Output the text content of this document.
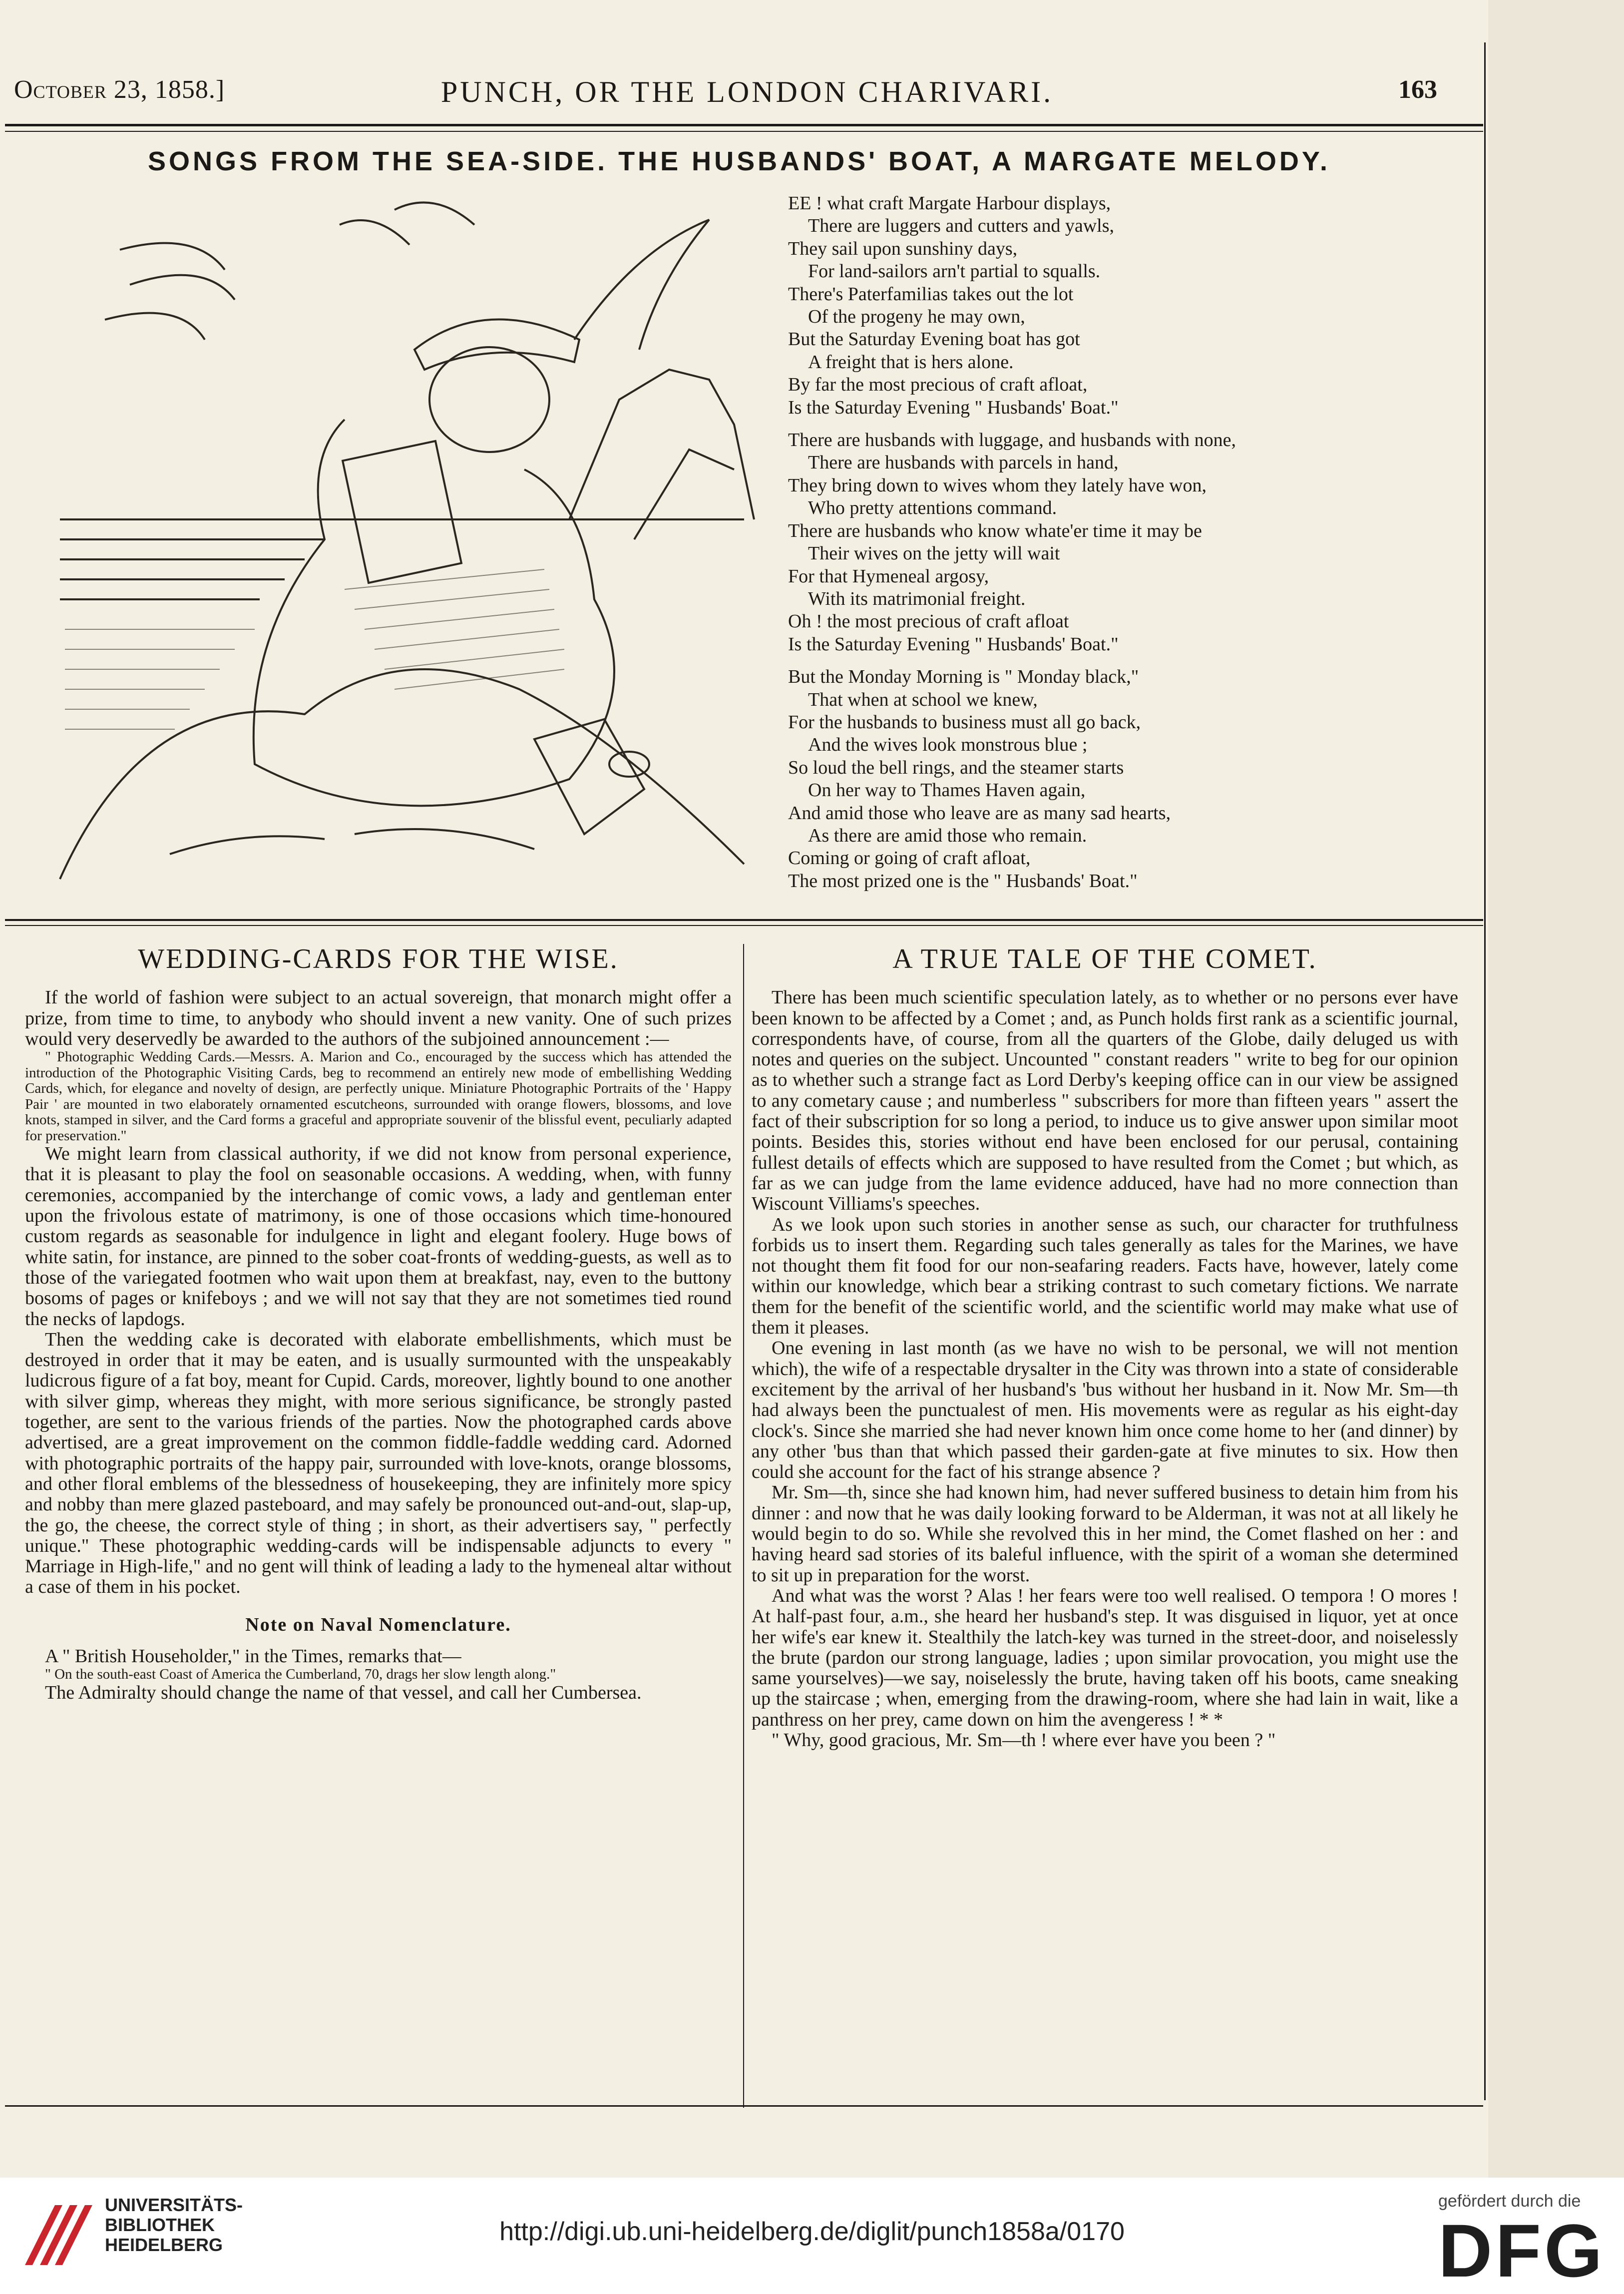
October 23, 1858.]	PUNCH, OR THE LONDON CHARIVARI.	163
SONGS FROM THE SEA-SIDE. THE HUSBANDS' BOAT, A MARGATE MELODY.
EE ! what craft Margate Harbour displays,
There are luggers and cutters and yawls,
They sail upon sunshiny days,
For land-sailors arn't partial to squalls.
There's Paterfamilias takes out the lot
Of the progeny he may own,
But the Saturday Evening boat has got
A freight that is hers alone.
By far the most precious of craft afloat,
Is the Saturday Evening " Husbands' Boat."
There are husbands with luggage, and husbands with none,
There are husbands with parcels in hand,
They bring down to wives whom they lately have won,
Who pretty attentions command.
There are husbands who know whate'er time it may be
Their wives on the jetty will wait
For that Hymeneal argosy,
With its matrimonial freight.
Oh ! the most precious of craft afloat
Is the Saturday Evening " Husbands' Boat."
But the Monday Morning is " Monday black,"
That when at school we knew,
For the husbands to business must all go back,
And the wives look monstrous blue ;
So loud the bell rings, and the steamer starts
On her way to Thames Haven again,
And amid those who leave are as many sad hearts,
As there are amid those who remain.
Coming or going of craft afloat,
The most prized one is the " Husbands' Boat."
WEDDING-CARDS FOR THE WISE.

If the world of fashion were subject to an actual sovereign, that monarch might offer a prize, from time to time, to anybody who should invent a new vanity. One of such prizes would very deservedly be awarded to the authors of the subjoined announcement :—

" Photographic Wedding Cards.—Messrs. A. Marion and Co., encouraged by the success which has attended the introduction of the Photographic Visiting Cards, beg to recommend an entirely new mode of embellishing Wedding Cards, which, for elegance and novelty of design, are perfectly unique. Miniature Photographic Portraits of the ' Happy Pair ' are mounted in two elaborately ornamented escutcheons, surrounded with orange flowers, blossoms, and love knots, stamped in silver, and the Card forms a graceful and appropriate souvenir of the blissful event, peculiarly adapted for preservation."

We might learn from classical authority, if we did not know from personal experience, that it is pleasant to play the fool on seasonable occasions. A wedding, when, with funny ceremonies, accompanied by the interchange of comic vows, a lady and gentleman enter upon the frivolous estate of matrimony, is one of those occasions which time-honoured custom regards as seasonable for indulgence in light and elegant foolery. Huge bows of white satin, for instance, are pinned to the sober coat-fronts of wedding-guests, as well as to those of the variegated footmen who wait upon them at breakfast, nay, even to the buttony bosoms of pages or knifeboys ; and we will not say that they are not sometimes tied round the necks of lapdogs.

Then the wedding cake is decorated with elaborate embellishments, which must be destroyed in order that it may be eaten, and is usually surmounted with the unspeakably ludicrous figure of a fat boy, meant for Cupid. Cards, moreover, lightly bound to one another with silver gimp, whereas they might, with more serious significance, be strongly pasted together, are sent to the various friends of the parties. Now the photographed cards above advertised, are a great improvement on the common fiddle-faddle wedding card. Adorned with photographic portraits of the happy pair, surrounded with love-knots, orange blossoms, and other floral emblems of the blessedness of housekeeping, they are infinitely more spicy and nobby than mere glazed pasteboard, and may safely be pronounced out-and-out, slap-up, the go, the cheese, the correct style of thing ; in short, as their advertisers say, " perfectly unique." These photographic wedding-cards will be indispensable adjuncts to every " Marriage in High-life," and no gent will think of leading a lady to the hymeneal altar without a case of them in his pocket.

Note on Naval Nomenclature.

A " British Householder," in the Times, remarks that—

" On the south-east Coast of America the Cumberland, 70, drags her slow length along."

The Admiralty should change the name of that vessel, and call her Cumbersea.

A TRUE TALE OF THE COMET.

There has been much scientific speculation lately, as to whether or no persons ever have been known to be affected by a Comet ; and, as Punch holds first rank as a scientific journal, correspondents have, of course, from all the quarters of the Globe, daily deluged us with notes and queries on the subject. Uncounted " constant readers " write to beg for our opinion as to whether such a strange fact as Lord Derby's keeping office can in our view be assigned to any cometary cause ; and numberless " subscribers for more than fifteen years " assert the fact of their subscription for so long a period, to induce us to give answer upon similar moot points. Besides this, stories without end have been enclosed for our perusal, containing fullest details of effects which are supposed to have resulted from the Comet ; but which, as far as we can judge from the lame evidence adduced, have had no more connection than Wiscount Villiams's speeches.

As we look upon such stories in another sense as such, our character for truthfulness forbids us to insert them. Regarding such tales generally as tales for the Marines, we have not thought them fit food for our non-seafaring readers. Facts have, however, lately come within our knowledge, which bear a striking contrast to such cometary fictions. We narrate them for the benefit of the scientific world, and the scientific world may make what use of them it pleases.

One evening in last month (as we have no wish to be personal, we will not mention which), the wife of a respectable drysalter in the City was thrown into a state of considerable excitement by the arrival of her husband's 'bus without her husband in it. Now Mr. Sm—th had always been the punctualest of men. His movements were as regular as his eight-day clock's. Since she married she had never known him once come home to her (and dinner) by any other 'bus than that which passed their garden-gate at five minutes to six. How then could she account for the fact of his strange absence ?

Mr. Sm—th, since she had known him, had never suffered business to detain him from his dinner : and now that he was daily looking forward to be Alderman, it was not at all likely he would begin to do so. While she revolved this in her mind, the Comet flashed on her : and having heard sad stories of its baleful influence, with the spirit of a woman she determined to sit up in preparation for the worst.

And what was the worst ? Alas ! her fears were too well realised. O tempora ! O mores ! At half-past four, a.m., she heard her husband's step. It was disguised in liquor, yet at once her wife's ear knew it. Stealthily the latch-key was turned in the street-door, and noiselessly the brute (pardon our strong language, ladies ; upon similar provocation, you might use the same yourselves)—we say, noiselessly the brute, having taken off his boots, came sneaking up the staircase ; when, emerging from the drawing-room, where she had lain in wait, like a panthress on her prey, came down on him the avengeress ! * *

" Why, good gracious, Mr. Sm—th ! where ever have you been ? "

UNIVERSITÄTS-
BIBLIOTHEK
HEIDELBERG	http://digi.ub.uni-heidelberg.de/diglit/punch1858a/0170
gefördert durch die
DFG
